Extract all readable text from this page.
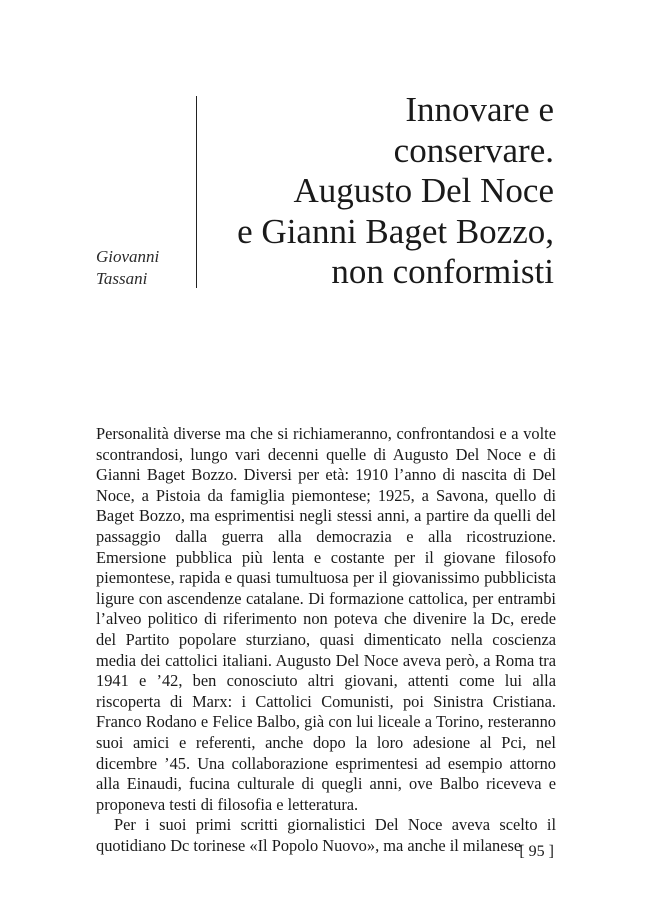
Giovanni
Tassani
Innovare e
conservare.
Augusto Del Noce
e Gianni Baget Bozzo,
non conformisti

Personalità diverse ma che si richiameranno, confrontandosi e a volte scontrandosi, lungo vari decenni quelle di Augusto Del Noce e di Gianni Baget Bozzo. Diversi per età: 1910 l’anno di nascita di Del Noce, a Pistoia da famiglia piemontese; 1925, a Savona, quello di Baget Bozzo, ma esprimentisi negli stessi anni, a partire da quelli del passaggio dalla guerra alla democrazia e alla ricostruzione. Emersione pubblica più lenta e costante per il giovane filosofo piemontese, rapida e quasi tumultuosa per il giovanissimo pubblicista ligure con ascendenze catalane. Di formazione cattolica, per entrambi l’alveo politico di riferimento non poteva che divenire la Dc, erede del Partito popolare sturziano, quasi dimenticato nella coscienza media dei cattolici italiani. Augusto Del Noce aveva però, a Roma tra 1941 e ’42, ben conosciuto altri giovani, attenti come lui alla riscoperta di Marx: i Cattolici Comunisti, poi Sinistra Cristiana. Franco Rodano e Felice Balbo, già con lui liceale a Torino, resteranno suoi amici e referenti, anche dopo la loro adesione al Pci, nel dicembre ’45. Una collaborazione esprimentesi ad esempio attorno alla Einaudi, fucina culturale di quegli anni, ove Balbo riceveva e proponeva testi di filosofia e letteratura.

Per i suoi primi scritti giornalistici Del Noce aveva scelto il quotidiano Dc torinese «Il Popolo Nuovo», ma anche il milanese

[ 95 ]
